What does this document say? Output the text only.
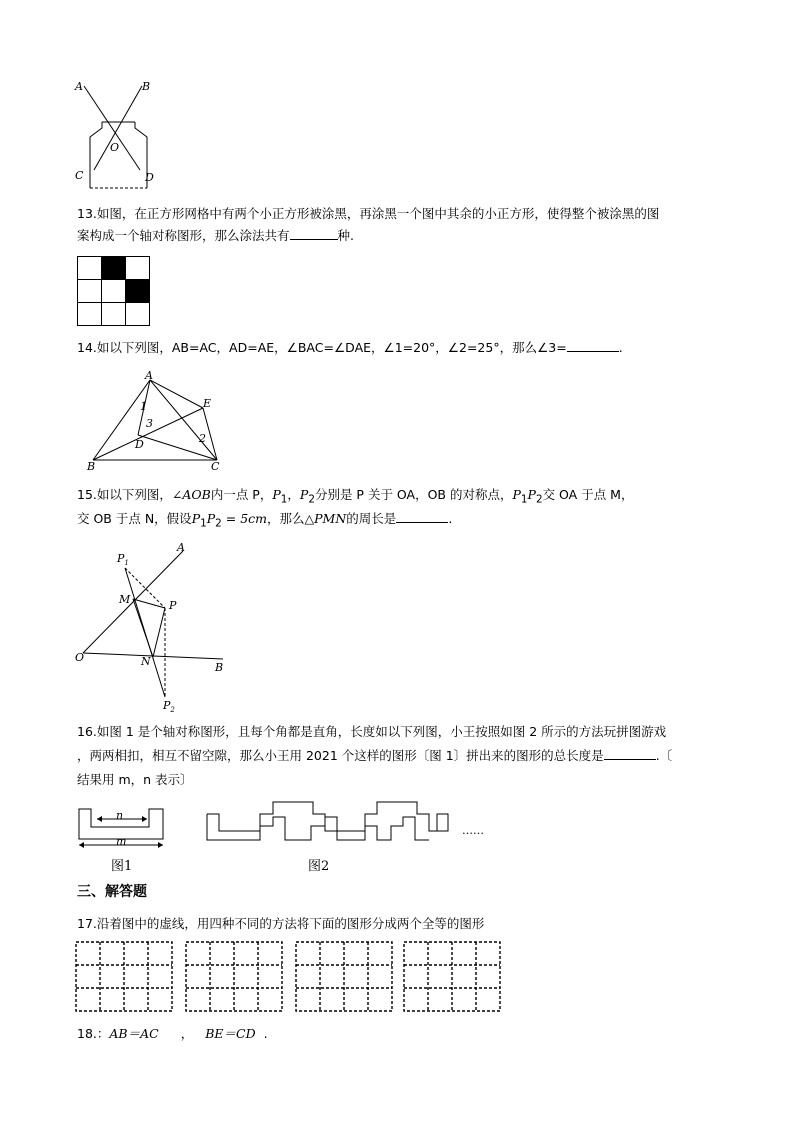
A	B
O
C	D
13.如图，在正方形网格中有两个小正方形被涂黑，再涂黑一个图中其余的小正方形，使得整个被涂黑的图
案构成一个轴对称图形，那么涂法共有	种.
14.如以下列图，AB=AC，AD=AE，∠BAC=∠DAE，∠1=20°，∠2=25°，那么∠3=	.
A
E
B	C
D
1
2
3
15.如以下列图，∠AOB内一点 P，$P_1$，$P_2$分别是 P 关于 OA，OB 的对称点，$P_1P_2$交 OA 于点 M，
交 OB 于点 N，假设$P_1P_2 = 5cm$，那么△PMN的周长是	.
$P_1$
A
M	P
O	N	B
$P_2$
16.如图 1 是个轴对称图形，且每个角都是直角，长度如以下列图，小王按照如图 2 所示的方法玩拼图游戏
，两两相扣，相互不留空隙，那么小王用 2021 个这样的图形〔图 1〕拼出来的图形的总长度是	.〔
结果用 m，n 表示〕
n
m
图1
……
图2
三、解答题
17.沿着图中的虚线，用四种不同的方法将下面的图形分成两个全等的图形
18.：AB＝AC ， BE＝CD .
